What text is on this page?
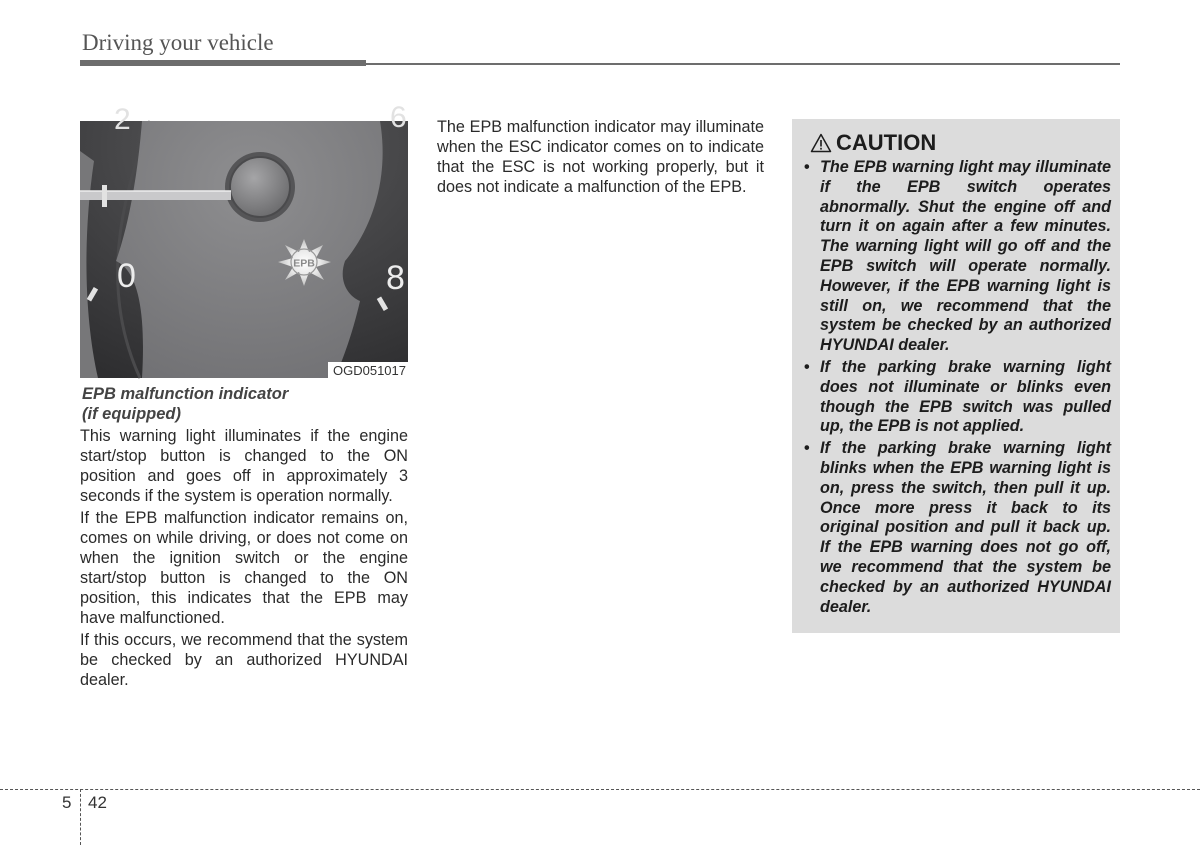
Driving your vehicle
0	8
2	6
EPB
OGD051017
EPB malfunction indicator
(if equipped)

This warning light illuminates if the engine start/stop button is changed to the ON position and goes off in approximately 3 seconds if the system is operation normally.

If the EPB malfunction indicator remains on, comes on while driving, or does not come on when the ignition switch or the engine start/stop button is changed to the ON position, this indicates that the EPB may have malfunctioned.

If this occurs, we recommend that the system be checked by an authorized HYUNDAI dealer.

The EPB malfunction indicator may illuminate when the ESC indicator comes on to indicate that the ESC is not working properly, but it does not indicate a malfunction of the EPB.

CAUTION
• The EPB warning light may illuminate if the EPB switch operates abnormally. Shut the engine off and turn it on again after a few minutes. The warning light will go off and the EPB switch will operate normally. However, if the EPB warning light is still on, we recommend that the system be checked by an authorized HYUNDAI dealer.
• If the parking brake warning light does not illuminate or blinks even though the EPB switch was pulled up, the EPB is not applied.
• If the parking brake warning light blinks when the EPB warning light is on, press the switch, then pull it up. Once more press it back to its original position and pull it back up. If the EPB warning does not go off, we recommend that the system be checked by an authorized HYUNDAI dealer.
5 42
